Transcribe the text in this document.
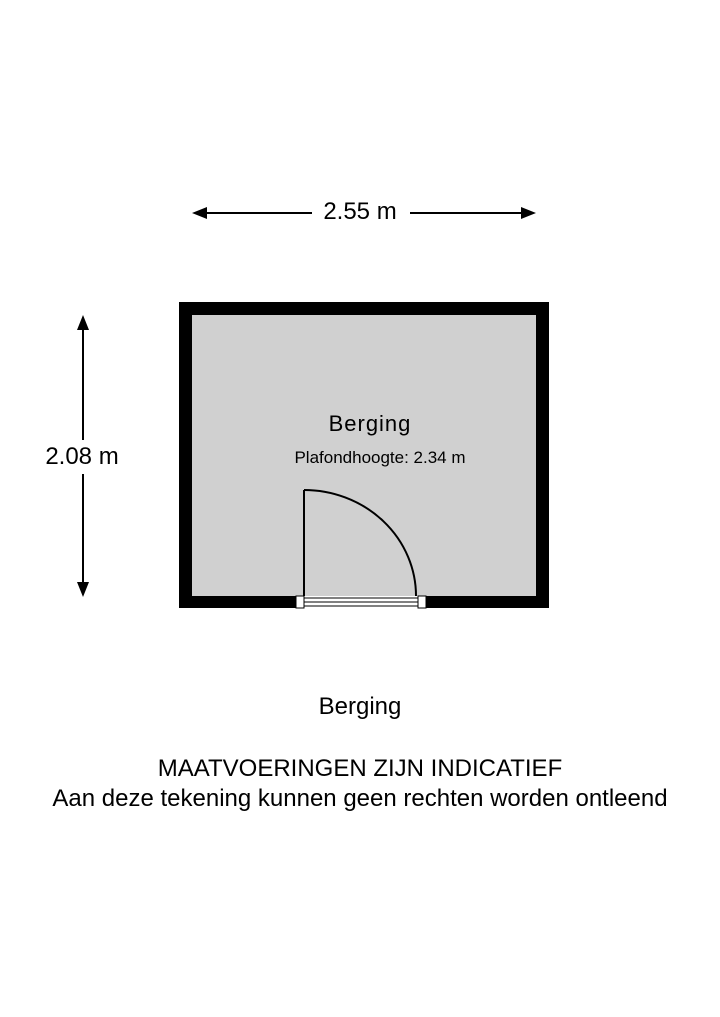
2.55 m
2.08 m
Berging
Plafondhoogte: 2.34 m
Berging
MAATVOERINGEN ZIJN INDICATIEF
Aan deze tekening kunnen geen rechten worden ontleend
